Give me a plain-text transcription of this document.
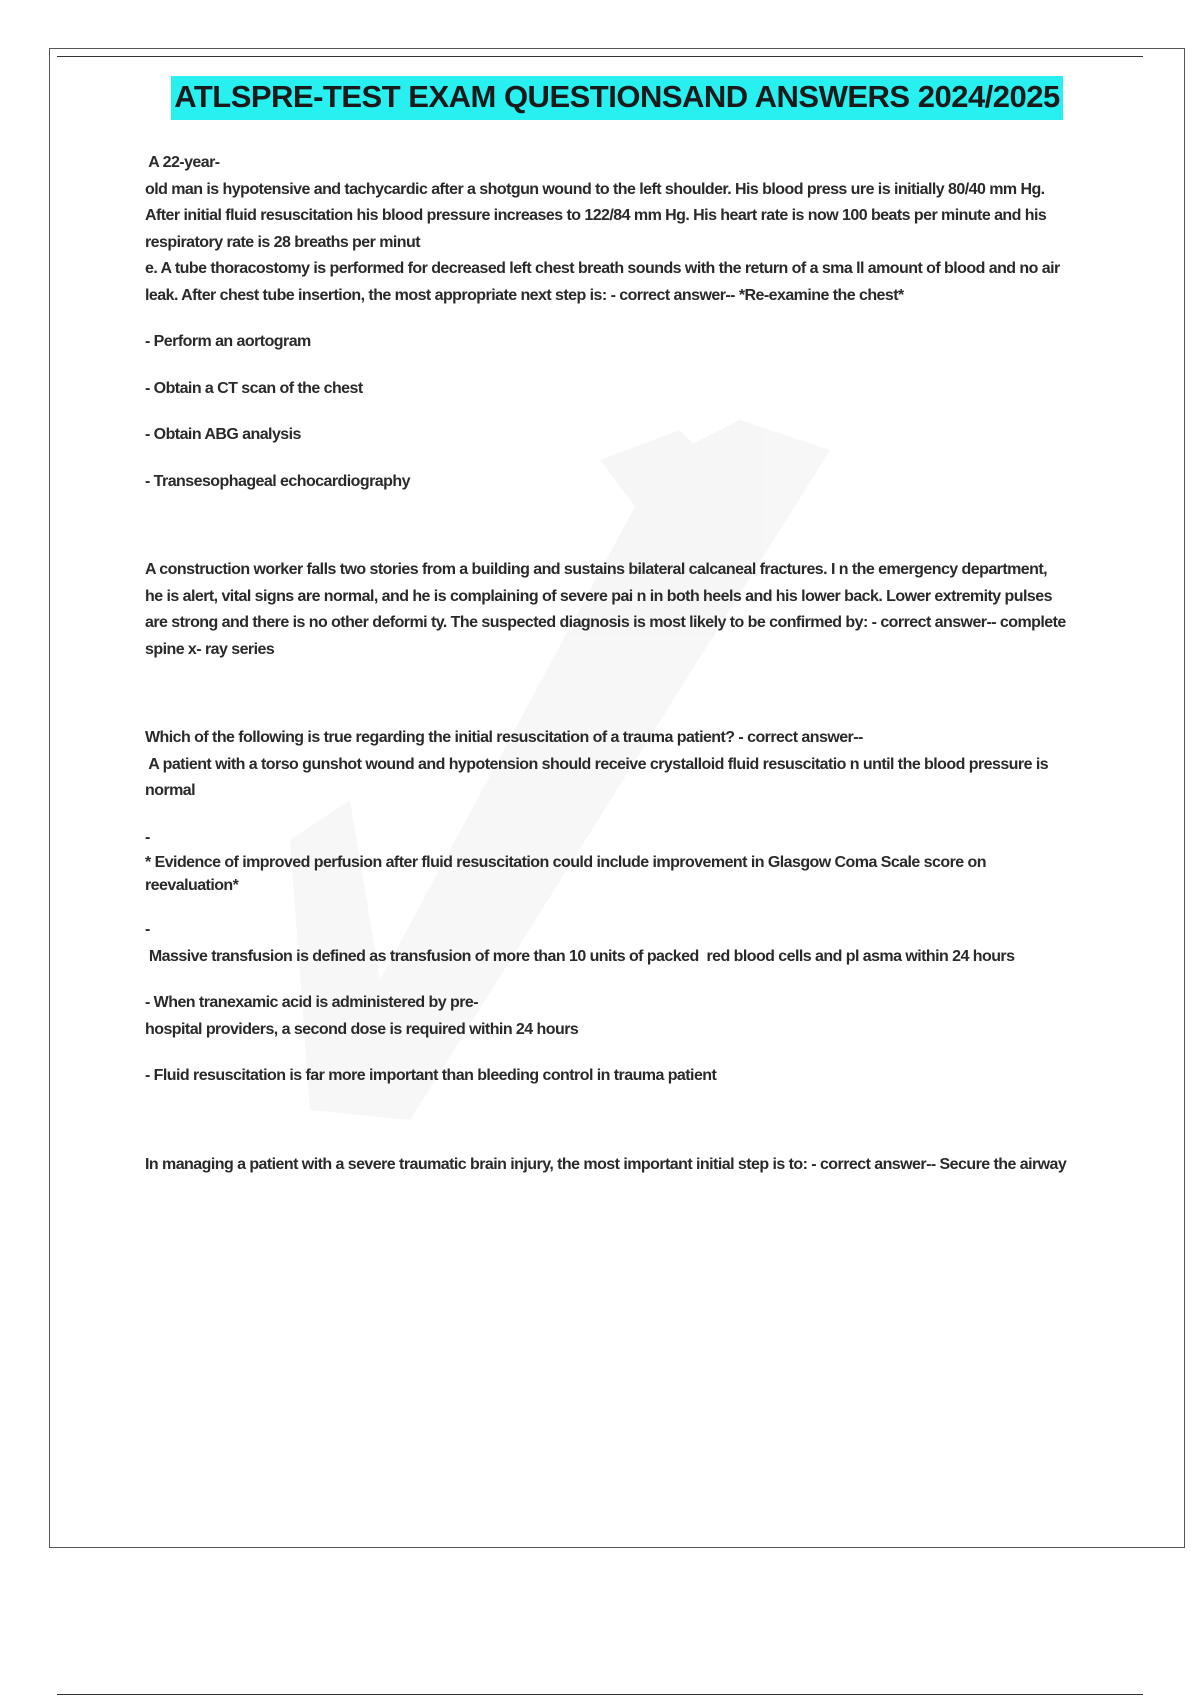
ATLSPRE-TEST EXAM QUESTIONSAND ANSWERS 2024/2025

A 22-year-

old man is hypotensive and tachycardic after a shotgun wound to the left shoulder. His blood press ure is initially 80/40 mm Hg.

After initial fluid resuscitation his blood pressure increases to 122/84 mm Hg. His heart rate is now 100 beats per minute and his

respiratory rate is 28 breaths per minut

e. A tube thoracostomy is performed for decreased left chest breath sounds with the return of a sma ll amount of blood and no air

leak. After chest tube insertion, the most appropriate next step is: - correct answer-- *Re-examine the chest*

- Perform an aortogram

- Obtain a CT scan of the chest

- Obtain ABG analysis

- Transesophageal echocardiography

A construction worker falls two stories from a building and sustains bilateral calcaneal fractures. I n the emergency department,

he is alert, vital signs are normal, and he is complaining of severe pai n in both heels and his lower back. Lower extremity pulses

are strong and there is no other deformi ty. The suspected diagnosis is most likely to be confirmed by: - correct answer-- complete

spine x- ray series

Which of the following is true regarding the initial resuscitation of a trauma patient? - correct answer--

A patient with a torso gunshot wound and hypotension should receive crystalloid fluid resuscitatio n until the blood pressure is

normal

-

* Evidence of improved perfusion after fluid resuscitation could include improvement in Glasgow Coma Scale score on

reevaluation*

-

Massive transfusion is defined as transfusion of more than 10 units of packed  red blood cells and pl asma within 24 hours

- When tranexamic acid is administered by pre-

hospital providers, a second dose is required within 24 hours

- Fluid resuscitation is far more important than bleeding control in trauma patient

In managing a patient with a severe traumatic brain injury, the most important initial step is to: - correct answer-- Secure the airway
